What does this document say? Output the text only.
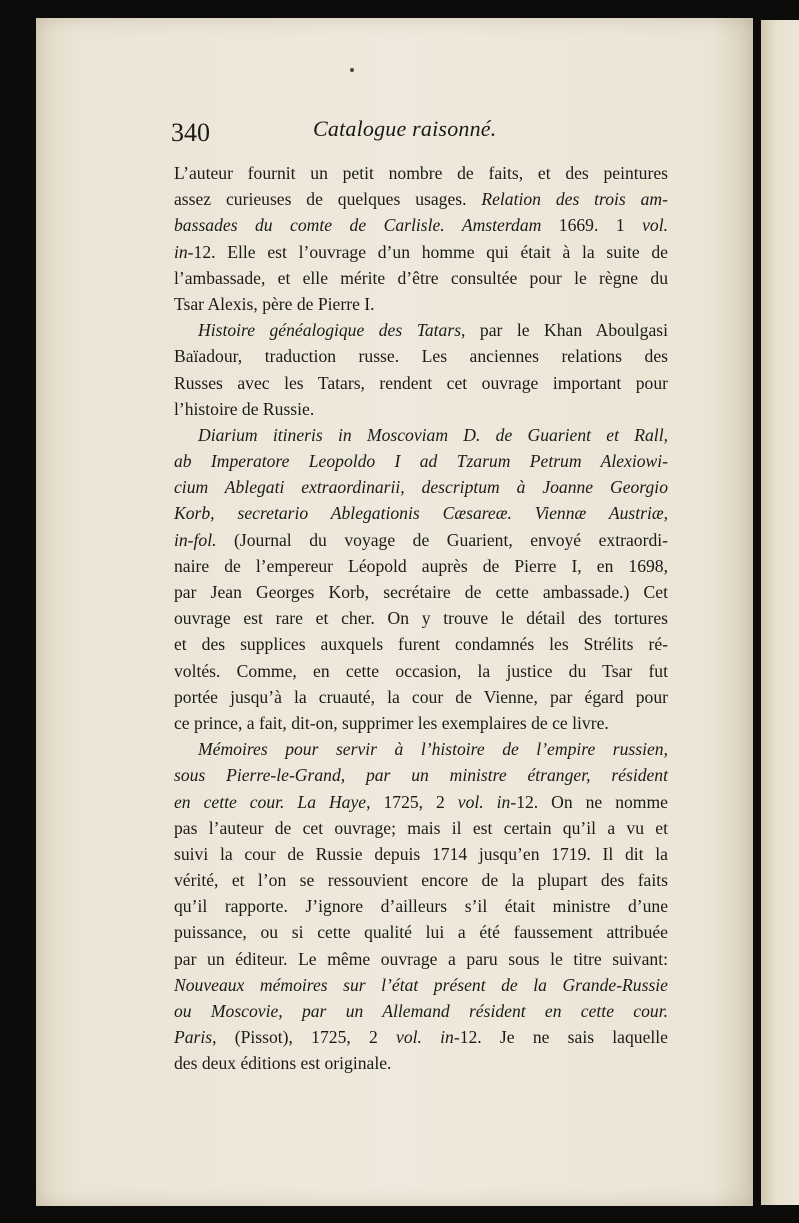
340	Catalogue raisonné.
L’auteur fournit un petit nombre de faits, et des peintures
assez curieuses de quelques usages. Relation des trois am-
bassades du comte de Carlisle. Amsterdam 1669. 1 vol.
in-12. Elle est l’ouvrage d’un homme qui était à la suite de
l’ambassade, et elle mérite d’être consultée pour le règne du
Tsar Alexis, père de Pierre I.
Histoire généalogique des Tatars, par le Khan Aboulgasi
Baïadour, traduction russe. Les anciennes relations des
Russes avec les Tatars, rendent cet ouvrage important pour
l’histoire de Russie.
Diarium itineris in Moscoviam D. de Guarient et Rall,
ab Imperatore Leopoldo I ad Tzarum Petrum Alexiowi-
cium Ablegati extraordinarii, descriptum à Joanne Georgio
Korb, secretario Ablegationis Cæsareæ. Viennæ Austriæ,
in-fol. (Journal du voyage de Guarient, envoyé extraordi-
naire de l’empereur Léopold auprès de Pierre I, en 1698,
par Jean Georges Korb, secrétaire de cette ambassade.) Cet
ouvrage est rare et cher. On y trouve le détail des tortures
et des supplices auxquels furent condamnés les Strélits ré-
voltés. Comme, en cette occasion, la justice du Tsar fut
portée jusqu’à la cruauté, la cour de Vienne, par égard pour
ce prince, a fait, dit-on, supprimer les exemplaires de ce livre.
Mémoires pour servir à l’histoire de l’empire russien,
sous Pierre-le-Grand, par un ministre étranger, résident
en cette cour. La Haye, 1725, 2 vol. in-12. On ne nomme
pas l’auteur de cet ouvrage; mais il est certain qu’il a vu et
suivi la cour de Russie depuis 1714 jusqu’en 1719. Il dit la
vérité, et l’on se ressouvient encore de la plupart des faits
qu’il rapporte. J’ignore d’ailleurs s’il était ministre d’une
puissance, ou si cette qualité lui a été faussement attribuée
par un éditeur. Le même ouvrage a paru sous le titre suivant:
Nouveaux mémoires sur l’état présent de la Grande-Russie
ou Moscovie, par un Allemand résident en cette cour.
Paris, (Pissot), 1725, 2 vol. in-12. Je ne sais laquelle
des deux éditions est originale.
